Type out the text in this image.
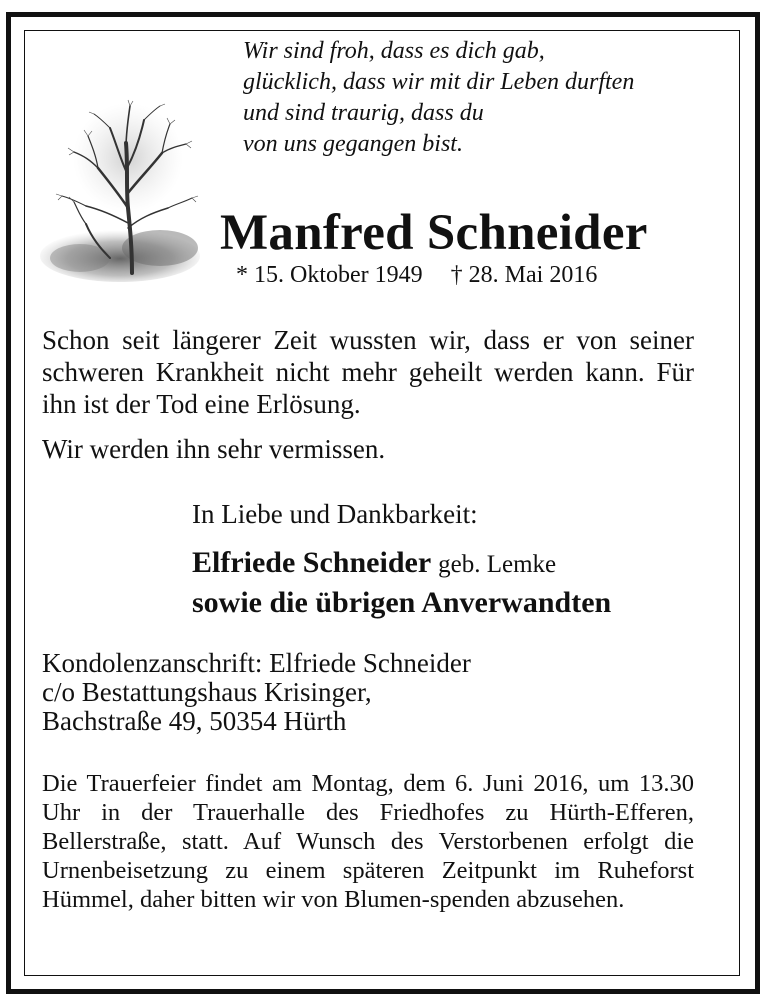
Wir sind froh, dass es dich gab,
glücklich, dass wir mit dir Leben durften
und sind traurig, dass du
von uns gegangen bist.
Manfred Schneider
* 15. Oktober 1949 † 28. Mai 2016
Schon seit längerer Zeit wussten wir, dass er von seiner schweren Krankheit nicht mehr geheilt werden kann. Für ihn ist der Tod eine Erlösung.
Wir werden ihn sehr vermissen.
In Liebe und Dankbarkeit:
Elfriede Schneider geb. Lemke
sowie die übrigen Anverwandten
Kondolenzanschrift: Elfriede Schneider
c/o Bestattungshaus Krisinger,
Bachstraße 49, 50354 Hürth
Die Trauerfeier findet am Montag, dem 6. Juni 2016, um 13.30 Uhr in der Trauerhalle des Friedhofes zu Hürth-Efferen, Bellerstraße, statt. Auf Wunsch des Verstorbenen erfolgt die Urnenbeisetzung zu einem späteren Zeitpunkt im Ruheforst Hümmel, daher bitten wir von Blumen-spenden abzusehen.
